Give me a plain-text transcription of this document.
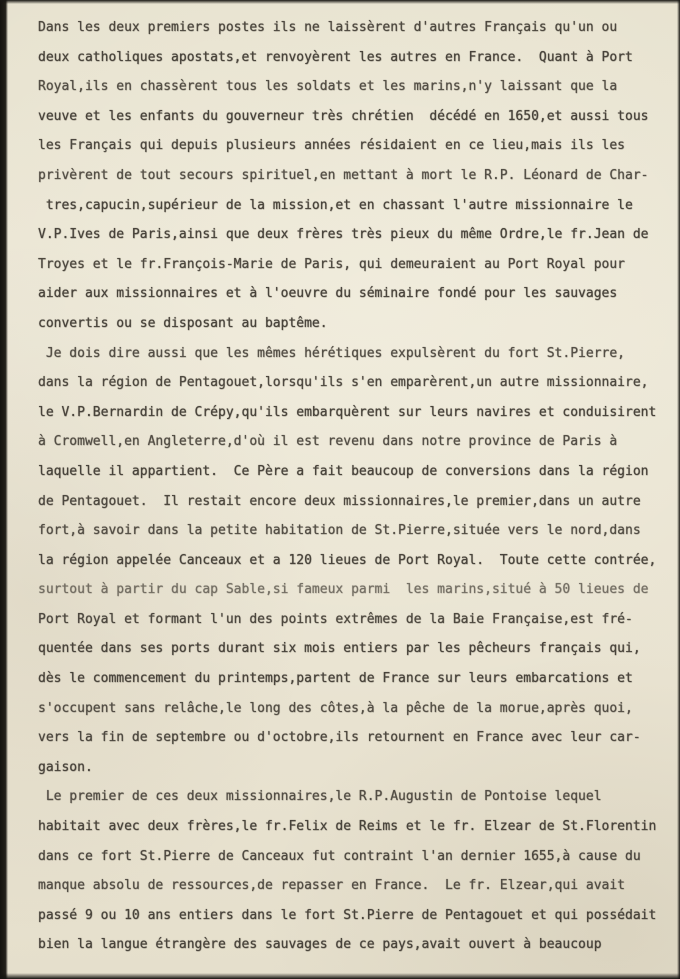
Dans les deux premiers postes ils ne laissèrent d'autres Français qu'un ou
deux catholiques apostats,et renvoyèrent les autres en France.  Quant à Port
Royal,ils en chassèrent tous les soldats et les marins,n'y laissant que la
veuve et les enfants du gouverneur très chrétien  décédé en 1650,et aussi tous
les Français qui depuis plusieurs années résidaient en ce lieu,mais ils les
privèrent de tout secours spirituel,en mettant à mort le R.P. Léonard de Char-
tres,capucin,supérieur de la mission,et en chassant l'autre missionnaire le
V.P.Ives de Paris,ainsi que deux frères très pieux du même Ordre,le fr.Jean de
Troyes et le fr.François-Marie de Paris, qui demeuraient au Port Royal pour
aider aux missionnaires et à l'oeuvre du séminaire fondé pour les sauvages
convertis ou se disposant au baptême.
Je dois dire aussi que les mêmes hérétiques expulsèrent du fort St.Pierre,
dans la région de Pentagouet,lorsqu'ils s'en emparèrent,un autre missionnaire,
le V.P.Bernardin de Crépy,qu'ils embarquèrent sur leurs navires et conduisirent
à Cromwell,en Angleterre,d'où il est revenu dans notre province de Paris à
laquelle il appartient.  Ce Père a fait beaucoup de conversions dans la région
de Pentagouet.  Il restait encore deux missionnaires,le premier,dans un autre
fort,à savoir dans la petite habitation de St.Pierre,située vers le nord,dans
la région appelée Canceaux et a 120 lieues de Port Royal.  Toute cette contrée,
surtout à partir du cap Sable,si fameux parmi  les marins,situé à 50 lieues de
Port Royal et formant l'un des points extrêmes de la Baie Française,est fré-
quentée dans ses ports durant six mois entiers par les pêcheurs français qui,
dès le commencement du printemps,partent de France sur leurs embarcations et
s'occupent sans relâche,le long des côtes,à la pêche de la morue,après quoi,
vers la fin de septembre ou d'octobre,ils retournent en France avec leur car-
gaison.
Le premier de ces deux missionnaires,le R.P.Augustin de Pontoise lequel
habitait avec deux frères,le fr.Felix de Reims et le fr. Elzear de St.Florentin
dans ce fort St.Pierre de Canceaux fut contraint l'an dernier 1655,à cause du
manque absolu de ressources,de repasser en France.  Le fr. Elzear,qui avait
passé 9 ou 10 ans entiers dans le fort St.Pierre de Pentagouet et qui possédait
bien la langue étrangère des sauvages de ce pays,avait ouvert à beaucoup
